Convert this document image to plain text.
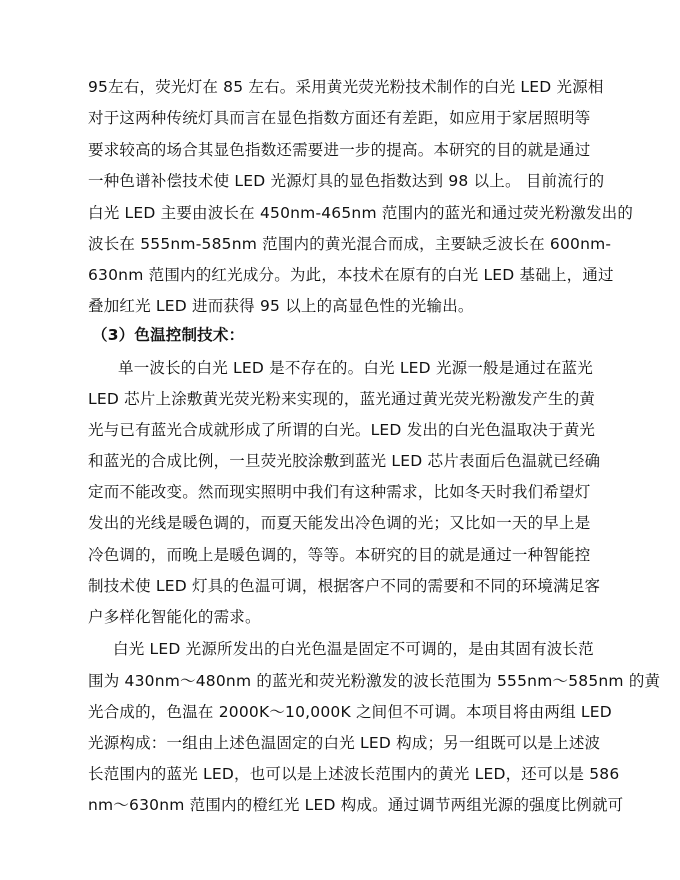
95左右，荧光灯在 85 左右。采用黄光荧光粉技术制作的白光 LED 光源相
对于这两种传统灯具而言在显色指数方面还有差距，如应用于家居照明等
要求较高的场合其显色指数还需要进一步的提高。本研究的目的就是通过
一种色谱补偿技术使 LED 光源灯具的显色指数达到 98 以上。 目前流行的
白光 LED 主要由波长在 450nm-465nm 范围内的蓝光和通过荧光粉激发出的
波长在 555nm-585nm 范围内的黄光混合而成，主要缺乏波长在 600nm-
630nm 范围内的红光成分。为此，本技术在原有的白光 LED 基础上，通过
叠加红光 LED 进而获得 95 以上的高显色性的光输出。
（3）色温控制技术：
单一波长的白光 LED 是不存在的。白光 LED 光源一般是通过在蓝光
LED 芯片上涂敷黄光荧光粉来实现的，蓝光通过黄光荧光粉激发产生的黄
光与已有蓝光合成就形成了所谓的白光。LED 发出的白光色温取决于黄光
和蓝光的合成比例，一旦荧光胶涂敷到蓝光 LED 芯片表面后色温就已经确
定而不能改变。然而现实照明中我们有这种需求，比如冬天时我们希望灯
发出的光线是暖色调的，而夏天能发出冷色调的光；又比如一天的早上是
冷色调的，而晚上是暖色调的，等等。本研究的目的就是通过一种智能控
制技术使 LED 灯具的色温可调，根据客户不同的需要和不同的环境满足客
户多样化智能化的需求。
白光 LED 光源所发出的白光色温是固定不可调的，是由其固有波长范
围为 430nm～480nm 的蓝光和荧光粉激发的波长范围为 555nm～585nm 的黄
光合成的，色温在 2000K～10,000K 之间但不可调。本项目将由两组 LED
光源构成：一组由上述色温固定的白光 LED 构成；另一组既可以是上述波
长范围内的蓝光 LED，也可以是上述波长范围内的黄光 LED，还可以是 586
nm～630nm 范围内的橙红光 LED 构成。通过调节两组光源的强度比例就可
